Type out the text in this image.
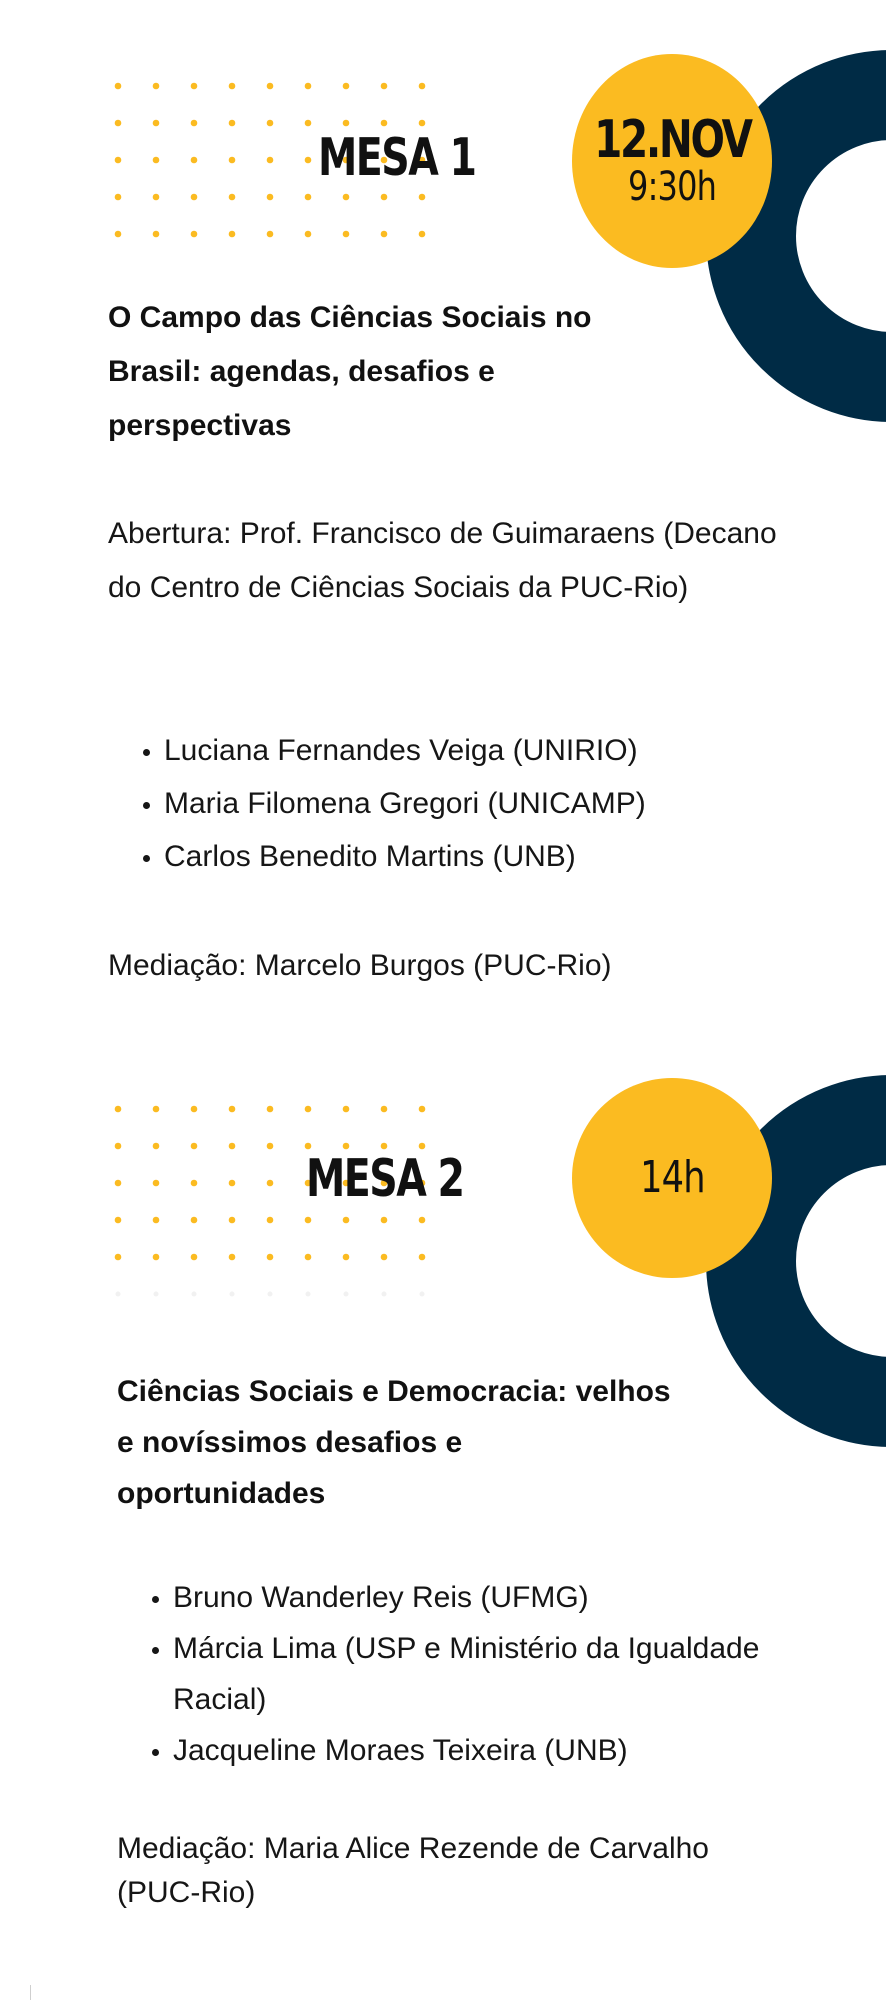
MESA 1 12.NOV
9:30h
O Campo das Ciências Sociais no Brasil: agendas, desafios e perspectivas
Abertura: Prof. Francisco de Guimaraens (Decano do Centro de Ciências Sociais da PUC-Rio)
• Luciana Fernandes Veiga (UNIRIO)
• Maria Filomena Gregori (UNICAMP)
• Carlos Benedito Martins (UNB)
Mediação: Marcelo Burgos (PUC-Rio)
MESA 2	14h
Ciências Sociais e Democracia: velhos e novíssimos desafios e oportunidades
• Bruno Wanderley Reis (UFMG)
• Márcia Lima (USP e Ministério da Igualdade Racial)
• Jacqueline Moraes Teixeira (UNB)
Mediação: Maria Alice Rezende de Carvalho (PUC-Rio)
